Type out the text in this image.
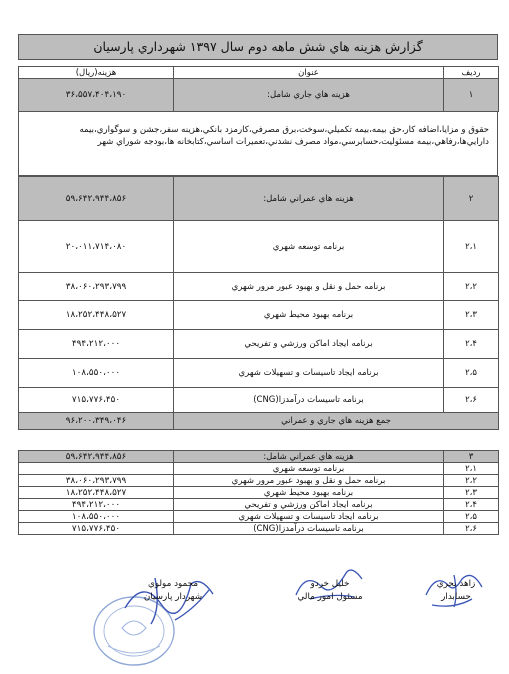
گزارش هزينه هاي شش ماهه دوم سال ۱۳۹۷ شهرداري پارسيان
رديف	عنوان	هزينه(ريال)
۱	هزينه هاي جاري شامل:	۳۶،۵۵۷،۴۰۴،۱۹۰
حقوق و مزايا،اضافه كار،حق بيمه،بيمه تكميلي،سوخت،برق مصرفي،كارمزد بانكي،هزينه سفر،جشن و سوگواري،بيمه
دارايي‌ها،رفاهي،بيمه مسئوليت،حسابرسي،مواد مصرف نشدني،تعميرات اساسي،كتابخانه ها،بودجه شوراي شهر
۲	هزينه هاي عمراني شامل:	۵۹،۶۴۲،۹۴۴،۸۵۶
۲،۱	برنامه توسعه شهري	۲۰،۰۱۱،۷۱۴،۰۸۰
۲،۲	برنامه حمل و نقل و بهبود عبور مرور شهري	۳۸،۰۶۰،۲۹۳،۷۹۹
۲،۳	برنامه بهبود محيط شهري	۱۸،۲۵۲،۴۴۸،۵۲۷
۲،۴	برنامه ايجاد اماكن ورزشي و تفريحي	۴۹۴،۲۱۲،۰۰۰
۲،۵	برنامه ايجاد تاسيسات و تسهيلات شهري	۱۰۸،۵۵۰،۰۰۰
۲،۶	برنامه تاسيسات درآمدزا(CNG)	۷۱۵،۷۷۶،۴۵۰
جمع هزينه هاي جاري و عمراني		۹۶،۲۰۰،۳۴۹،۰۴۶
۳	هزينه هاي عمراني شامل:	۵۹،۶۴۲،۹۴۴،۸۵۶
۲،۱	برنامه توسعه شهري	
۲،۲	برنامه حمل و نقل و بهبود عبور مرور شهري	۳۸،۰۶۰،۲۹۳،۷۹۹
۲،۳	برنامه بهبود محيط شهري	۱۸،۲۵۲،۴۴۸،۵۲۷
۲،۴	برنامه ايجاد اماكن ورزشي و تفريحي	۴۹۴،۲۱۲،۰۰۰
۲،۵	برنامه ايجاد تاسيسات و تسهيلات شهري	۱۰۸،۵۵۰،۰۰۰
۲،۶	برنامه تاسيسات درآمدزا(CNG)	۷۱۵،۷۷۶،۴۵۰
محمود مولوي
شهردار پارسيان
خليل خردو
مسئول امور مالي
زاهد بحري
حسابدار
